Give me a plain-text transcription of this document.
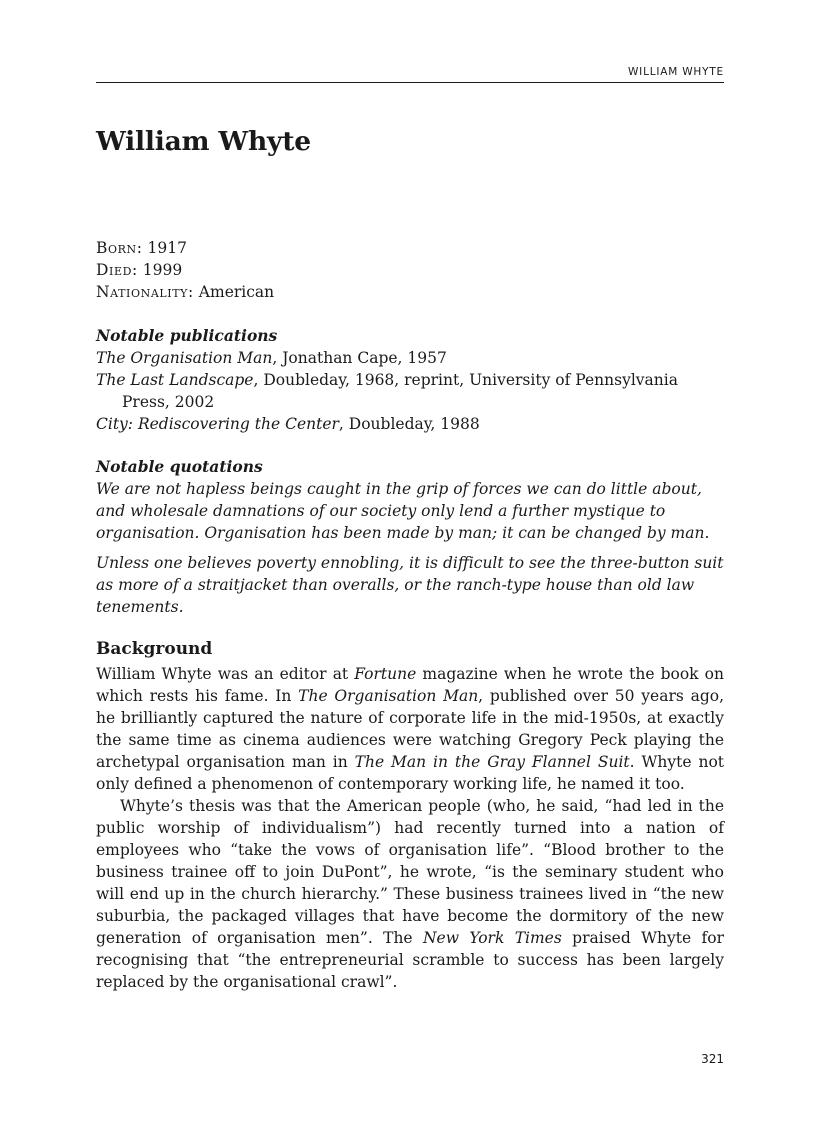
WILLIAM WHYTE
William Whyte
Born: 1917
Died: 1999
Nationality: American
Notable publications
The Organisation Man, Jonathan Cape, 1957
The Last Landscape, Doubleday, 1968, reprint, University of Pennsylvania Press, 2002
City: Rediscovering the Center, Doubleday, 1988
Notable quotations

We are not hapless beings caught in the grip of forces we can do little about, and wholesale damnations of our society only lend a further mystique to organisation. Organisation has been made by man; it can be changed by man.

Unless one believes poverty ennobling, it is difficult to see the three-button suit as more of a straitjacket than overalls, or the ranch-type house than old law tenements.

Background

William Whyte was an editor at Fortune magazine when he wrote the book on which rests his fame. In The Organisation Man, published over 50 years ago, he brilliantly captured the nature of corporate life in the mid-1950s, at exactly the same time as cinema audiences were watching Gregory Peck playing the archetypal organisation man in The Man in the Gray Flannel Suit. Whyte not only defined a phenomenon of contemporary working life, he named it too.

Whyte’s thesis was that the American people (who, he said, “had led in the public worship of individualism”) had recently turned into a nation of employees who “take the vows of organisation life”. “Blood brother to the business trainee off to join DuPont”, he wrote, “is the seminary student who will end up in the church hierarchy.” These business trainees lived in “the new suburbia, the packaged villages that have become the dormitory of the new generation of organisation men”. The New York Times praised Whyte for recognising that “the entrepreneurial scramble to success has been largely replaced by the organisational crawl”.

321
